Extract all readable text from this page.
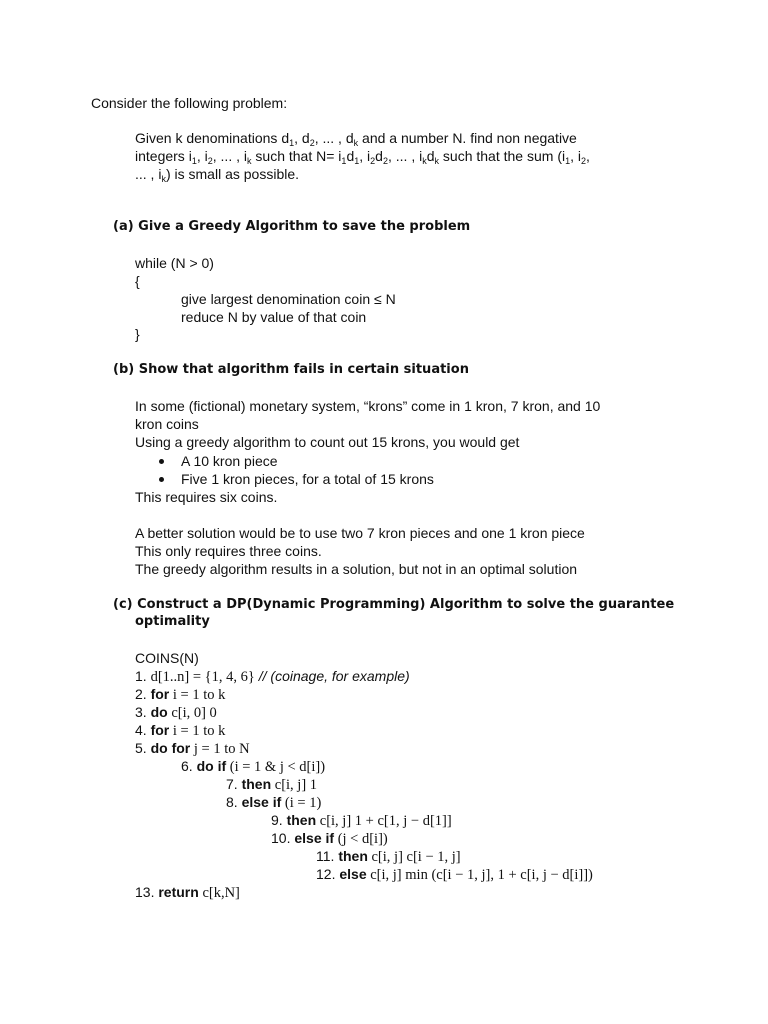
Consider the following problem:
Given k denominations $d_1$, $d_2$, ... , $d_k$ and a number N. find non negative
integers $i_1$, $i_2$, ... , $i_k$ such that $N= i_1d_1$, $i_2d_2$, ... , $i_kd_k$ such that the sum ($i_1$, $i_2$,
... , $i_k$) is small as possible.
(a) Give a Greedy Algorithm to save the problem
while (N > 0)
{
give largest denomination coin ≤ N
reduce N by value of that coin
}
(b) Show that algorithm fails in certain situation
In some (fictional) monetary system, “krons” come in 1 kron, 7 kron, and 10
kron coins
Using a greedy algorithm to count out 15 krons, you would get
A 10 kron piece
Five 1 kron pieces, for a total of 15 krons
This requires six coins.
A better solution would be to use two 7 kron pieces and one 1 kron piece
This only requires three coins.
The greedy algorithm results in a solution, but not in an optimal solution
(c) Construct a DP(Dynamic Programming) Algorithm to solve the guarantee
optimality
COINS(N)
1. d[1..n] = {1, 4, 6} // (coinage, for example)
2. for i = 1 to k
3. do c[i, 0] 0
4. for i = 1 to k
5. do for j = 1 to N
6. do if (i = 1 & j < d[i])
7. then c[i, j] 1
8. else if (i = 1)
9. then c[i, j] 1 + c[1, j − d[1]]
10. else if (j < d[i])
11. then c[i, j] c[i − 1, j]
12. else c[i, j] min (c[i − 1, j], 1 + c[i, j − d[i]])
13. return c[k,N]
